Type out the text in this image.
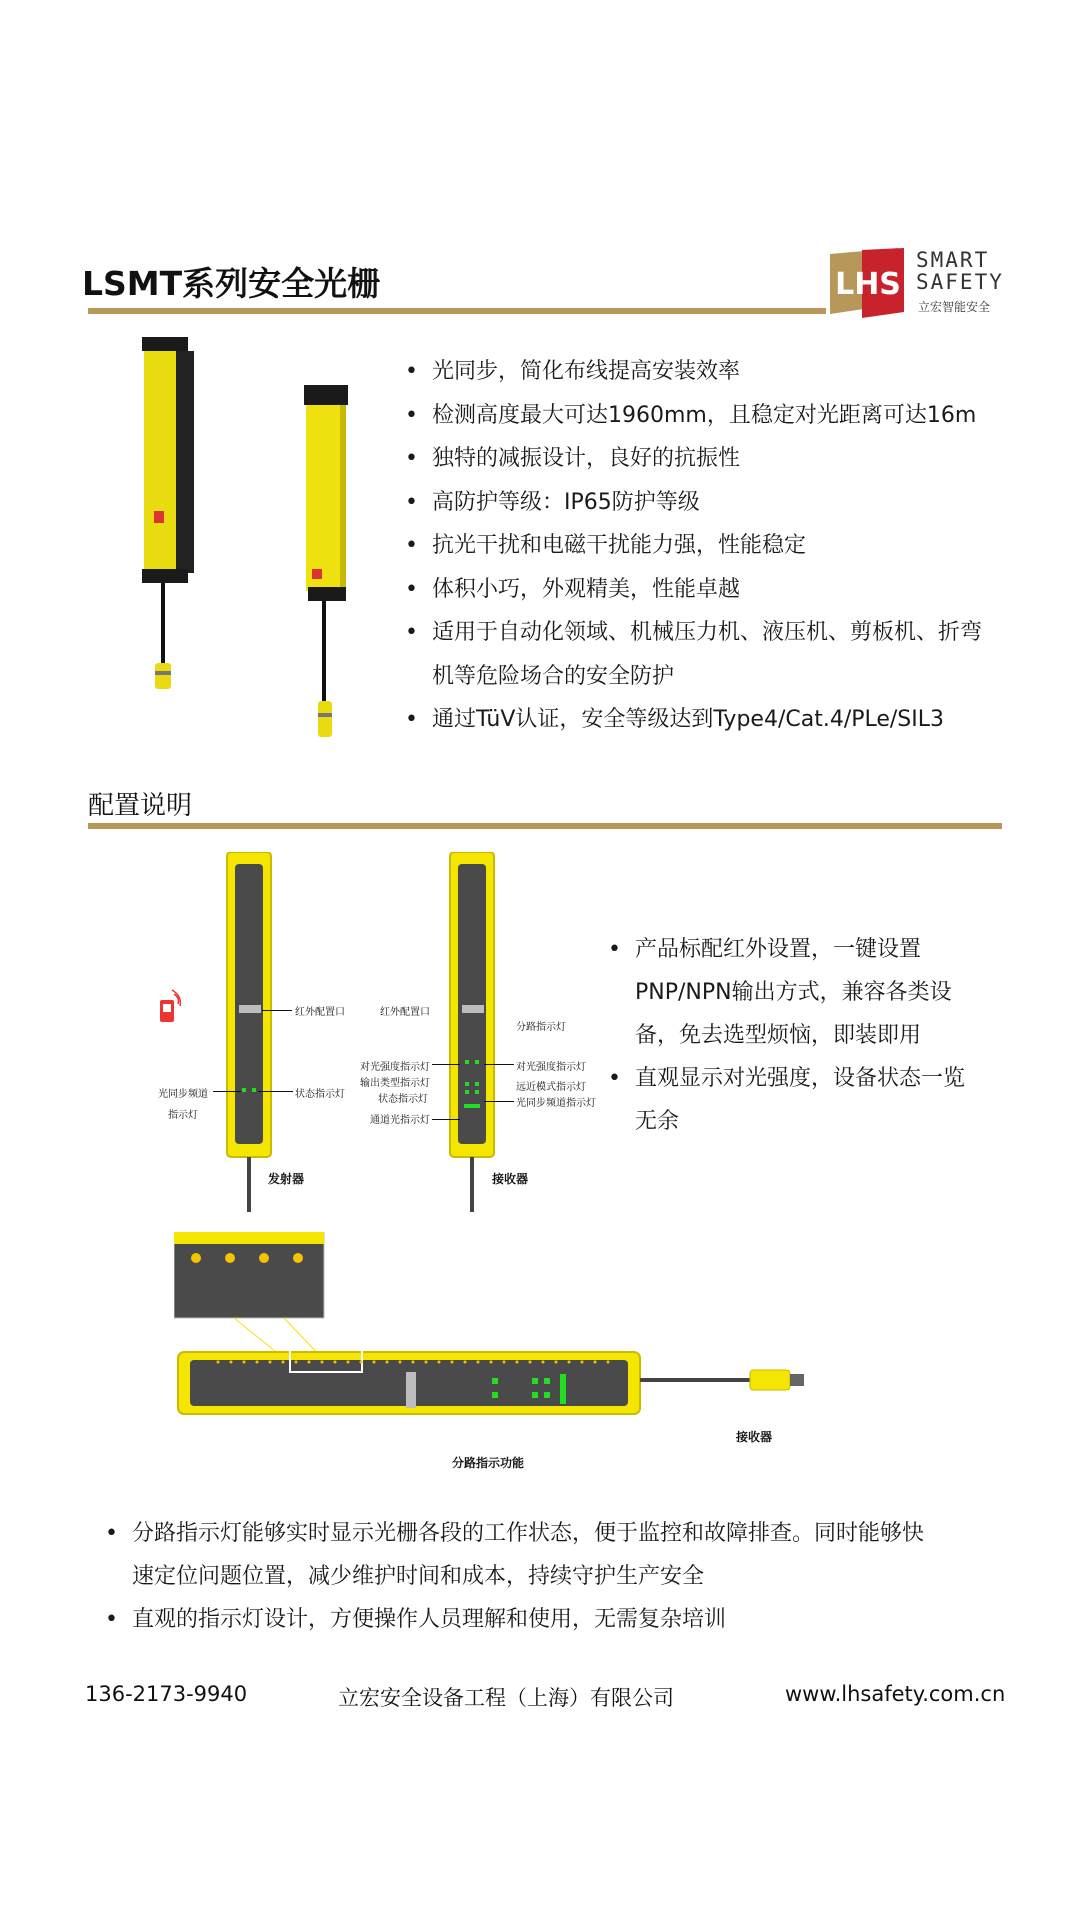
LSMT系列安全光栅	LHS
SMART
SAFETY
立宏智能安全
• 光同步，简化布线提高安装效率
• 检测高度最大可达1960mm，且稳定对光距离可达16m
• 独特的减振设计，良好的抗振性
• 高防护等级：IP65防护等级
• 抗光干扰和电磁干扰能力强，性能稳定
• 体积小巧，外观精美，性能卓越
• 适用于自动化领域、机械压力机、液压机、剪板机、折弯机等危险场合的安全防护
• 通过TüV认证，安全等级达到Type4/Cat.4/PLe/SIL3
配置说明
红外配置口
状态指示灯
光同步频道
指示灯
发射器
红外配置口
分路指示灯
对光强度指示灯
输出类型指示灯
状态指示灯
通道光指示灯
对光强度指示灯
远近模式指示灯
光同步频道指示灯
接收器
• 产品标配红外设置，一键设置PNP/NPN输出方式，兼容各类设备，免去选型烦恼，即装即用
• 直观显示对光强度，设备状态一览无余
接收器
分路指示功能
• 分路指示灯能够实时显示光栅各段的工作状态，便于监控和故障排查。同时能够快速定位问题位置，减少维护时间和成本，持续守护生产安全
• 直观的指示灯设计，方便操作人员理解和使用，无需复杂培训
136-2173-9940	立宏安全设备工程（上海）有限公司	www.lhsafety.com.cn
